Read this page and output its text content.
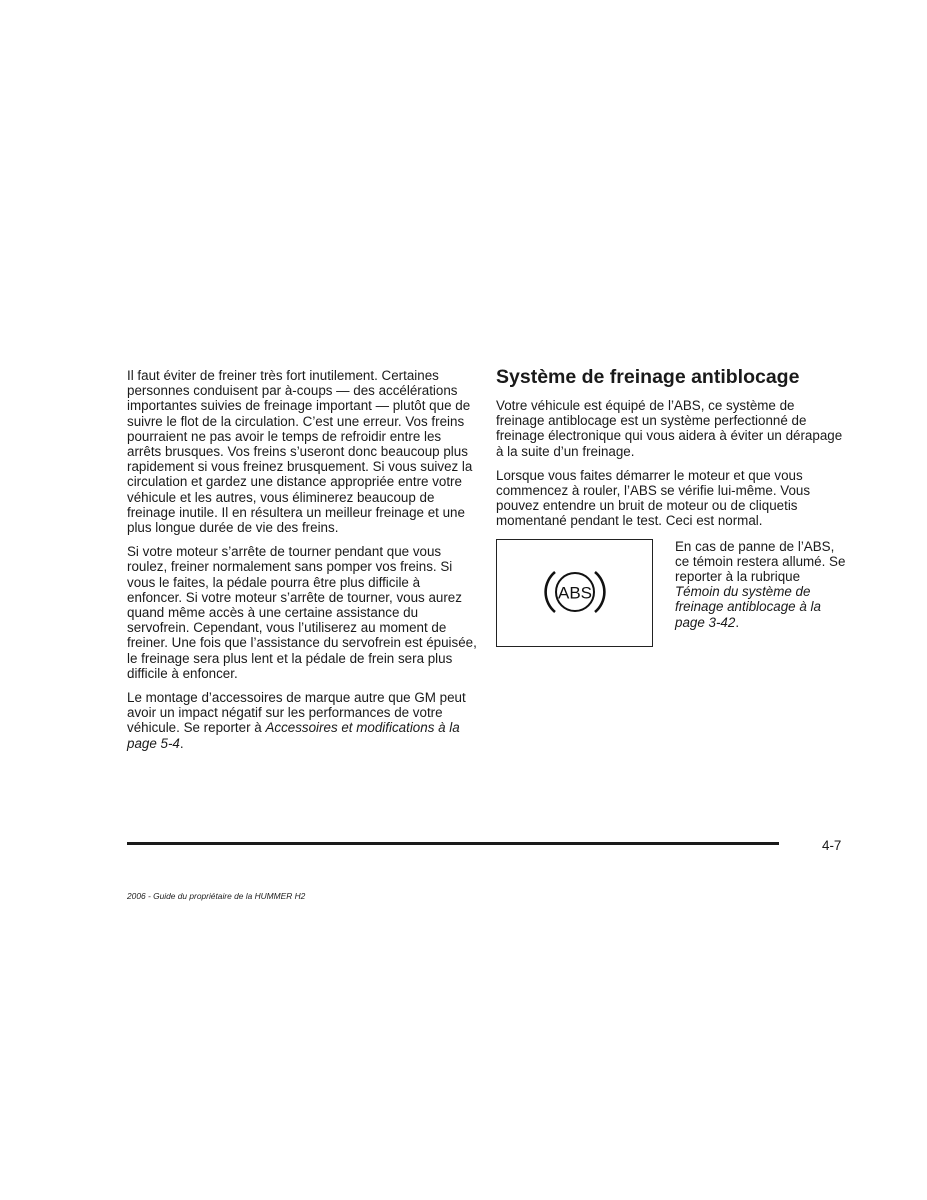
Il faut éviter de freiner très fort inutilement. Certaines personnes conduisent par à-coups — des accélérations importantes suivies de freinage important — plutôt que de suivre le flot de la circulation. C’est une erreur. Vos freins pourraient ne pas avoir le temps de refroidir entre les arrêts brusques. Vos freins s’useront donc beaucoup plus rapidement si vous freinez brusquement. Si vous suivez la circulation et gardez une distance appropriée entre votre véhicule et les autres, vous éliminerez beaucoup de freinage inutile. Il en résultera un meilleur freinage et une plus longue durée de vie des freins.

Si votre moteur s’arrête de tourner pendant que vous roulez, freiner normalement sans pomper vos freins. Si vous le faites, la pédale pourra être plus difficile à enfoncer. Si votre moteur s’arrête de tourner, vous aurez quand même accès à une certaine assistance du servofrein. Cependant, vous l’utiliserez au moment de freiner. Une fois que l’assistance du servofrein est épuisée, le freinage sera plus lent et la pédale de frein sera plus difficile à enfoncer.

Le montage d’accessoires de marque autre que GM peut avoir un impact négatif sur les performances de votre véhicule. Se reporter à Accessoires et modifications à la page 5-4.

Système de freinage antiblocage

Votre véhicule est équipé de l’ABS, ce système de freinage antiblocage est un système perfectionné de freinage électronique qui vous aidera à éviter un dérapage à la suite d’un freinage.

Lorsque vous faites démarrer le moteur et que vous commencez à rouler, l’ABS se vérifie lui-même. Vous pouvez entendre un bruit de moteur ou de cliquetis momentané pendant le test. Ceci est normal.

ABS
En cas de panne de l’ABS, ce témoin restera allumé. Se reporter à la rubrique Témoin du système de freinage antiblocage à la page 3-42.
4-7
2006 - Guide du propriétaire de la HUMMER H2
